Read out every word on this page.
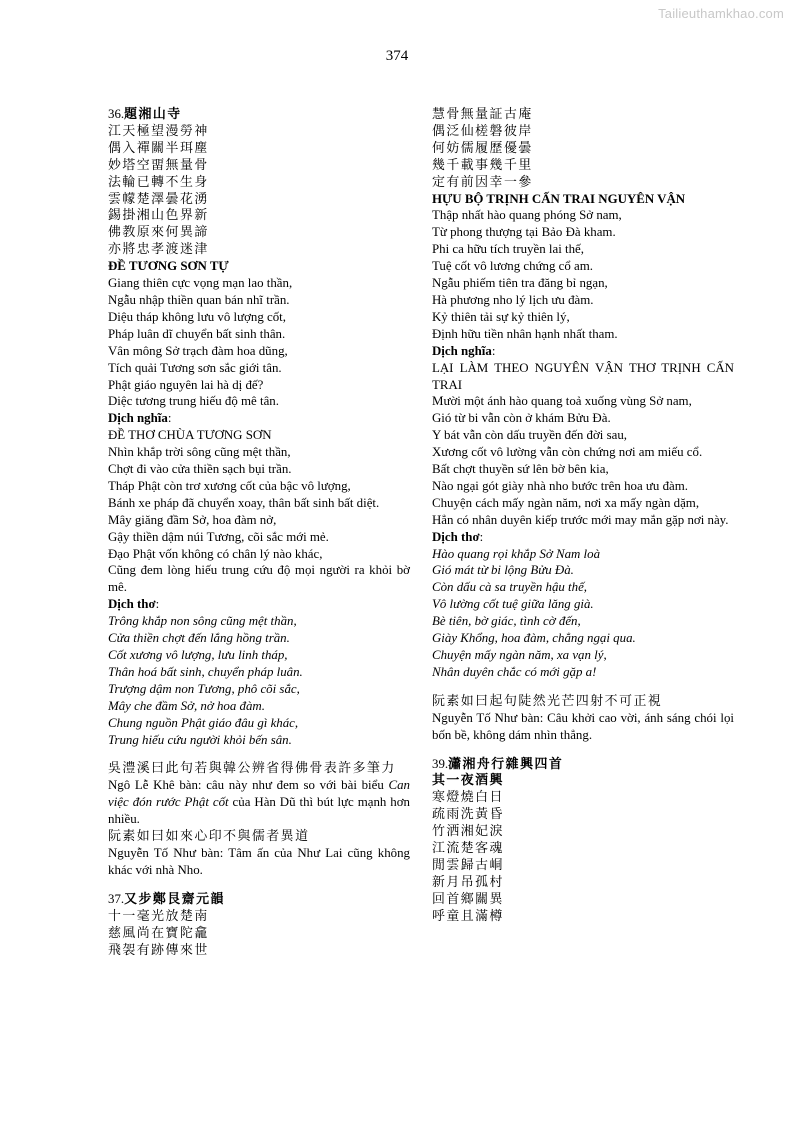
Tailieuthamkhao.com
374
36.題湘山寺
江天極望漫勞神
偶入禪關半珥塵
妙塔空畱無量骨
法輪已轉不生身
雲幪楚澤曇花湧
錫掛湘山色界新
佛教原來何異諦
亦將忠孝渡迷津
ĐỀ TƯƠNG SƠN TỰ
Giang thiên cực vọng mạn lao thần,
Ngẫu nhập thiền quan bán nhĩ trần.
Diệu tháp không lưu vô lượng cốt,
Pháp luân dĩ chuyển bất sinh thân.
Vân mông Sở trạch đàm hoa dũng,
Tích quải Tương sơn sắc giới tân.
Phật giáo nguyên lai hà dị đế?
Diệc tương trung hiếu độ mê tân.
Dịch nghĩa:
ĐỀ THƠ CHÙA TƯƠNG SƠN
Nhìn khắp trời sông cũng mệt thần,
Chợt đi vào cửa thiền sạch bụi trần.
Tháp Phật còn trơ xương cốt của bậc vô lượng,
Bánh xe pháp đã chuyển xoay, thân bất sinh bất diệt.
Mây giăng đầm Sở, hoa đàm nở,
Gậy thiền dậm núi Tương, cõi sắc mới mẻ.
Đạo Phật vốn không có chân lý nào khác,
Cũng đem lòng hiếu trung cứu độ mọi người ra khỏi bờ mê.
Dịch thơ:
Trông khắp non sông cũng mệt thần,
Cửa thiền chợt đến lắng hồng trần.
Cốt xương vô lượng, lưu linh tháp,
Thân hoá bất sinh, chuyển pháp luân.
Trượng dậm non Tương, phô cõi sắc,
Mây che đầm Sở, nở hoa đàm.
Chung nguồn Phật giáo đâu gì khác,
Trung hiếu cứu người khỏi bến sân.
吳澧溪曰此句若與韓公辨省得佛骨表許多筆力
Ngô Lễ Khê bàn: câu này như đem so với bài biểu Can việc đón rước Phật cốt của Hàn Dũ thì bút lực mạnh hơn nhiều.
阮素如曰如來心印不與儒者異道
Nguyễn Tố Như bàn: Tâm ấn của Như Lai cũng không khác với nhà Nho.
37.又步鄭艮齋元韻
十一毫光放楚南
慈風尚在寶陀龕
飛袈有跡傳來世
慧骨無量証古庵
偶泛仙槎磐彼岸
何妨儒履歷優曇
幾千載事幾千里
定有前因幸一參
HỰU BỘ TRỊNH CẤN TRAI NGUYÊN VẬN
Thập nhất hào quang phóng Sở nam,
Từ phong thượng tại Bảo Đà kham.
Phi ca hữu tích truyền lai thế,
Tuệ cốt vô lương chứng cổ am.
Ngẫu phiếm tiên tra đăng bỉ ngạn,
Hà phương nho lý lịch ưu đàm.
Kỷ thiên tải sự kỷ thiên lý,
Định hữu tiền nhân hạnh nhất tham.
Dịch nghĩa:
LẠI LÀM THEO NGUYÊN VẬN THƠ TRỊNH CẤN TRAI
Mười một ánh hào quang toả xuống vùng Sở nam,
Gió từ bi vẫn còn ở khám Bửu Đà.
Y bát vẫn còn dấu truyền đến đời sau,
Xương cốt vô lường vẫn còn chứng nơi am miếu cổ.
Bất chợt thuyền sứ lên bờ bên kia,
Nào ngại gót giày nhà nho bước trên hoa ưu đàm.
Chuyện cách mấy ngàn năm, nơi xa mấy ngàn dặm,
Hẳn có nhân duyên kiếp trước mới may mắn gặp nơi này.
Dịch thơ:
Hào quang rọi khắp Sở Nam loà
Gió mát từ bi lộng Bửu Đà.
Còn dấu cà sa truyền hậu thế,
Vô lường cốt tuệ giữa lăng già.
Bè tiên, bờ giác, tình cờ đến,
Giày Khổng, hoa đàm, chẳng ngại qua.
Chuyện mấy ngàn năm, xa vạn lý,
Nhân duyên chắc có mới gặp a!
阮素如曰起句陡然光芒四射不可正視
Nguyễn Tố Như bàn: Câu khởi cao vời, ánh sáng chói lọi bốn bề, không dám nhìn thẳng.
39.瀟湘舟行雜興四首
其一夜酒興
寒燈燒白日
疏雨洗黃昏
竹洒湘妃淚
江流楚客魂
閒雲歸古峒
新月吊孤村
回首鄉關異
呼童且滿樽
